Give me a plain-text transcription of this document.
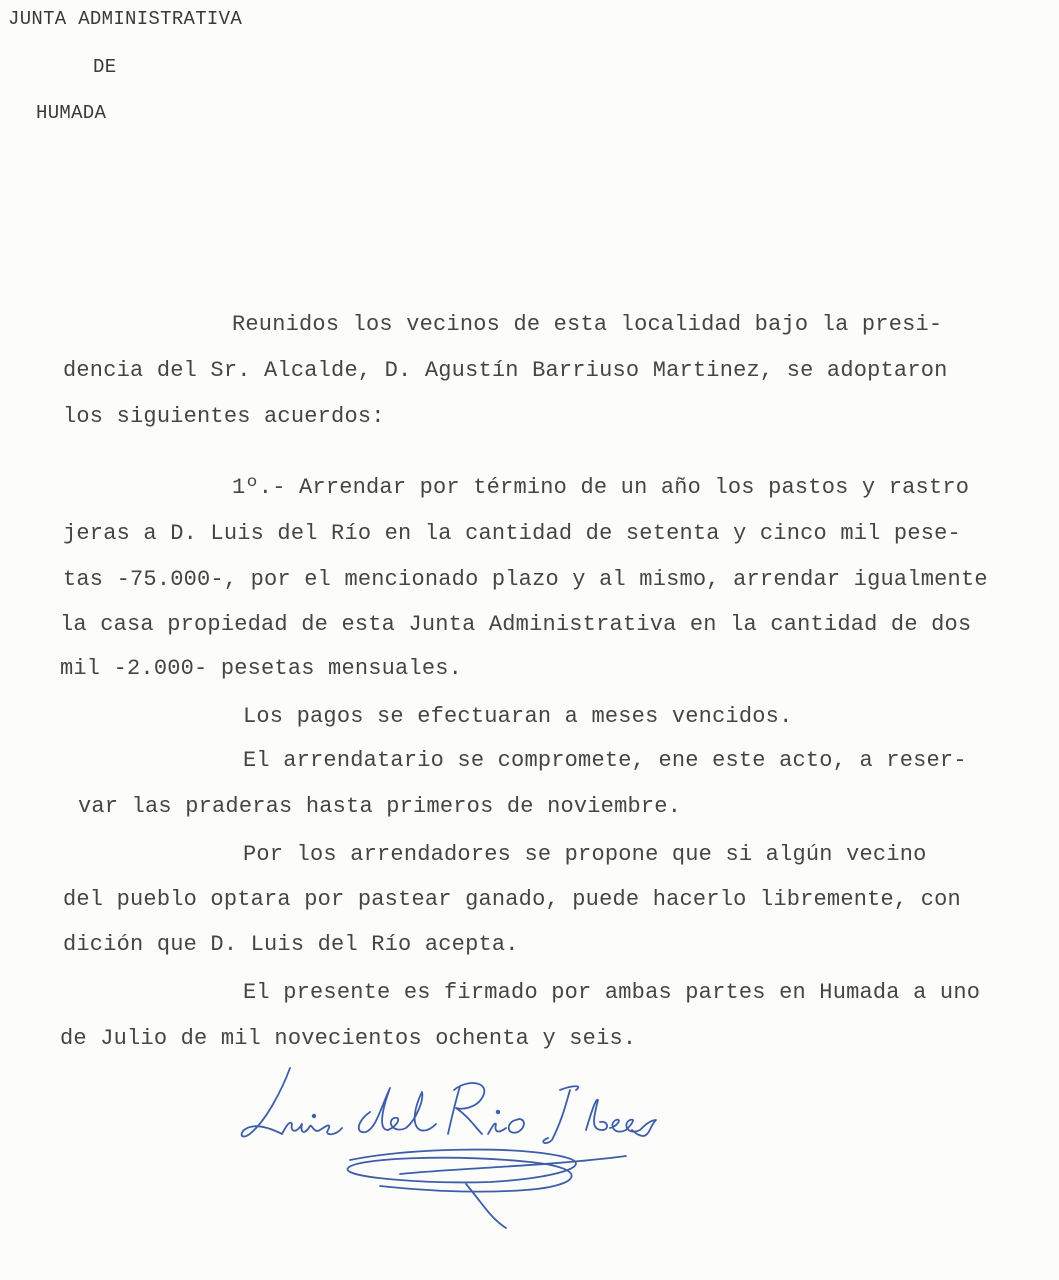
JUNTA ADMINISTRATIVA
DE
HUMADA
Reunidos los vecinos de esta localidad bajo la presi-
dencia del Sr. Alcalde, D. Agustín Barriuso Martinez, se adoptaron
los siguientes acuerdos:
1º.- Arrendar por término de un año los pastos y rastro
jeras a D. Luis del Río en la cantidad de setenta y cinco mil pese-
tas -75.000-, por el mencionado plazo y al mismo, arrendar igualmente
la casa propiedad de esta Junta Administrativa en la cantidad de dos
mil -2.000- pesetas mensuales.
Los pagos se efectuaran a meses vencidos.
El arrendatario se compromete, ene este acto, a reser-
var las praderas hasta primeros de noviembre.
Por los arrendadores se propone que si algún vecino
del pueblo optara por pastear ganado, puede hacerlo libremente, con
dición que D. Luis del Río acepta.
El presente es firmado por ambas partes en Humada a uno
de Julio de mil novecientos ochenta y seis.
